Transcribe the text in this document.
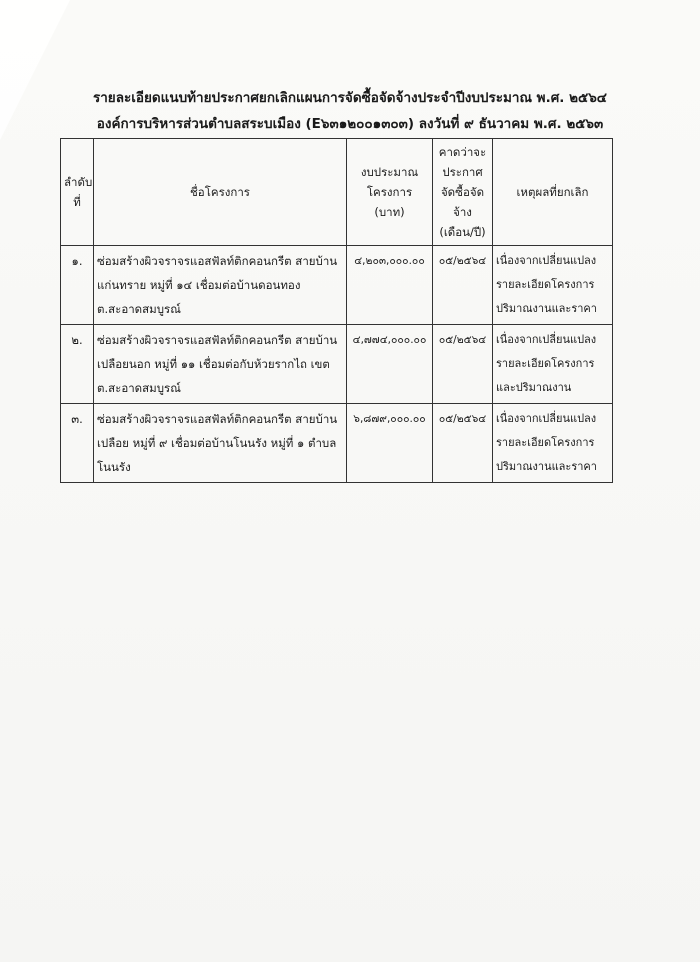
รายละเอียดแนบท้ายประกาศยกเลิกแผนการจัดซื้อจัดจ้างประจำปีงบประมาณ พ.ศ. ๒๕๖๔
องค์การบริหารส่วนตำบลสระบเมือง (E๖๓๑๒๐๐๑๓๐๓) ลงวันที่ ๙ ธันวาคม พ.ศ. ๒๕๖๓
ลำดับที่	ชื่อโครงการ	งบประมาณโครงการ (บาท)	คาดว่าจะประกาศจัดซื้อจัดจ้าง (เดือน/ปี)	เหตุผลที่ยกเลิก
๑.	ซ่อมสร้างผิวจราจรแอสฟัลท์ติกคอนกรีต สายบ้านแก่นทราย หมู่ที่ ๑๔ เชื่อมต่อบ้านดอนทอง ต.สะอาดสมบูรณ์	๔,๒๐๓,๐๐๐.๐๐	๐๕/๒๕๖๔	เนื่องจากเปลี่ยนแปลงรายละเอียดโครงการปริมาณงานและราคา
๒.	ซ่อมสร้างผิวจราจรแอสฟัลท์ติกคอนกรีต สายบ้านเปลือยนอก หมู่ที่ ๑๑ เชื่อมต่อกับห้วยรากไถ เขต ต.สะอาดสมบูรณ์	๔,๗๗๔,๐๐๐.๐๐	๐๕/๒๕๖๔	เนื่องจากเปลี่ยนแปลงรายละเอียดโครงการและปริมาณงาน
๓.	ซ่อมสร้างผิวจราจรแอสฟัลท์ติกคอนกรีต สายบ้านเปลือย หมู่ที่ ๙ เชื่อมต่อบ้านโนนรัง หมู่ที่ ๑ ตำบลโนนรัง	๖,๘๗๙,๐๐๐.๐๐	๐๕/๒๕๖๔	เนื่องจากเปลี่ยนแปลงรายละเอียดโครงการปริมาณงานและราคา
